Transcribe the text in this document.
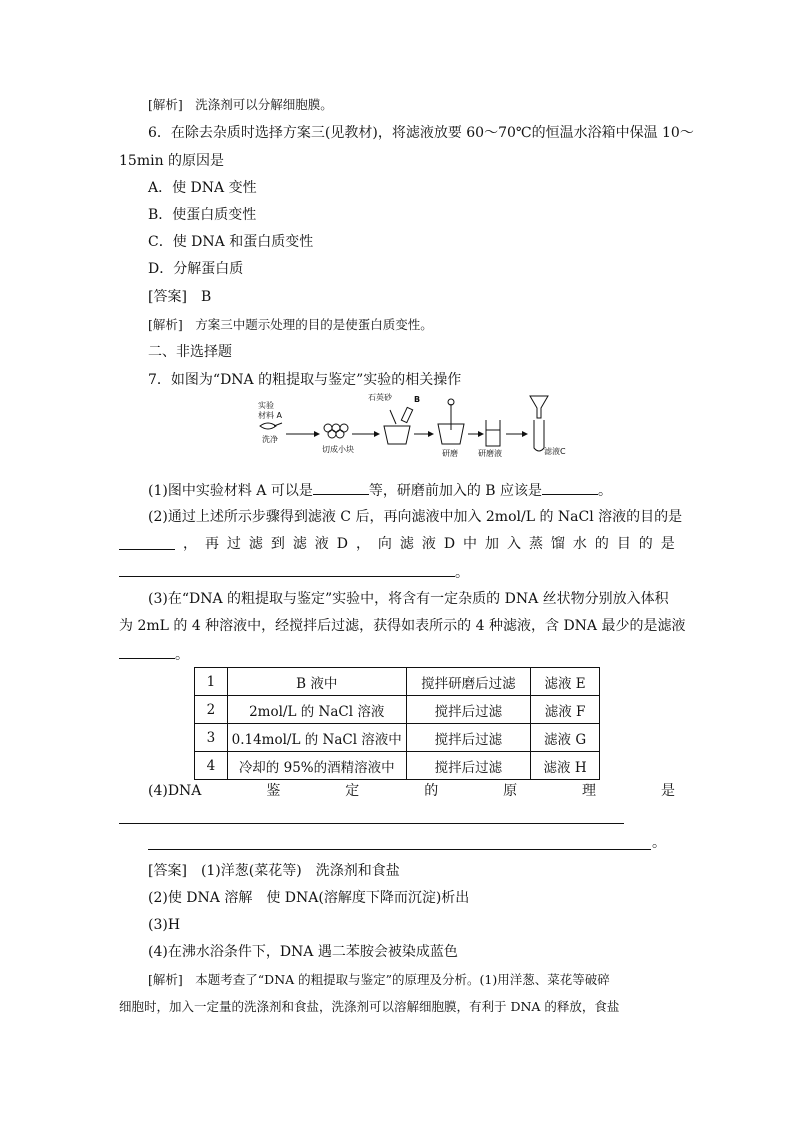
[解析]　 洗涤剂可以分解细胞膜。
6．在除去杂质时选择方案三(见教材)，将滤液放要 60～70℃的恒温水浴箱中保温 10～
15min 的原因是
A．使 DNA 变性
B．使蛋白质变性
C．使 DNA 和蛋白质变性
D．分解蛋白质
[答案]　 B
[解析]　 方案三中题示处理的目的是使蛋白质变性。
二、非选择题
7．如图为“DNA 的粗提取与鉴定”实验的相关操作
实验
材料 A
洗净
切成小块
石英砂	B
研磨	研磨液	滤液C
(1)图中实验材料 A 可以是	等，研磨前加入的 B 应该是	。
(2)通过上述所示步骤得到滤液 C 后，再向滤液中加入 2mol/L 的 NaCl 溶液的目的是
， 再 过 滤 到 滤 液 D ， 向 滤 液 D 中 加 入 蒸 馏 水 的 目 的 是
。
(3)在“DNA 的粗提取与鉴定”实验中，将含有一定杂质的 DNA 丝状物分别放入体积
为 2mL 的 4 种溶液中，经搅拌后过滤，获得如表所示的 4 种滤液，含 DNA 最少的是滤液
。
1	B 液中	搅拌研磨后过滤	滤液 E
2	2mol/L 的 NaCl 溶液	搅拌后过滤	滤液 F
3	0.14mol/L 的 NaCl 溶液中	搅拌后过滤	滤液 G
4	冷却的 95%的酒精溶液中	搅拌后过滤	滤液 H
(4)DNA	鉴	定	的	原	理	是
。
[答案]　 (1)洋葱(菜花等)　洗涤剂和食盐
(2)使 DNA 溶解　使 DNA(溶解度下降而沉淀)析出
(3)H
(4)在沸水浴条件下，DNA 遇二苯胺会被染成蓝色
[解析]　 本题考查了“DNA 的粗提取与鉴定”的原理及分析。(1)用洋葱、菜花等破碎
细胞时，加入一定量的洗涤剂和食盐，洗涤剂可以溶解细胞膜，有利于 DNA 的释放，食盐
